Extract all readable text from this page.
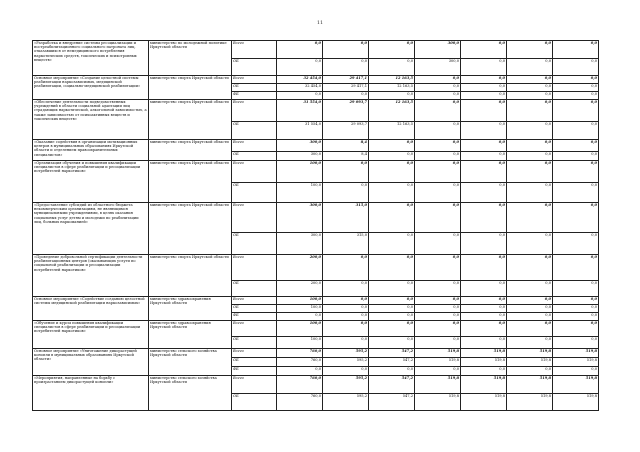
11
«Разработка и внедрение системы ресоциализации и постреабилитационного социального патроната лиц, отказавшихся от немедицинского потребления наркотических средств, токсических и психотропных веществ»	министерство по молодежной политике Иркутской области	Всего	0,0	0,0	0,0	300,0	0,0	0,0	0,0
		ОБ	0,0	0,0	0,0	300,0	0,0	0,0	0,0
Основное мероприятие «Создание целостной системы реабилитации наркозависимых, медицинской реабилитации, социально-медицинской реабилитации»	министерство спорта Иркутской области	Всего	32 454,0	29 417,1	12 163,5	0,0	0,0	0,0	0,0
		ОБ	32 454,0	29 417,1	12 163,5	0,0	0,0	0,0	0,0
		ФБ	0,0	0,0	0,0	0,0	0,0	0,0	0,0
«Обеспечение деятельности подведомственных учреждений в области социальной адаптации лиц страдающих наркотической, алкогольной зависимостью, а также зависимостью от психоактивных веществ и токсических веществ»	министерство спорта Иркутской области	Всего	31 554,0	29 093,7	12 163,5	0,0	0,0	0,0	0,0
		ОБ	31 554,0	29 093,7	12 163,5	0,0	0,0	0,0	0,0
«Оказание содействия в организации мотивационных центров в муниципальных образованиях Иркутской области и отделением правоохранительных специалистов»	министерство спорта Иркутской области	Всего	300,0	8,4	0,0	0,0	0,0	0,0	0,0
		ОБ	300,0	8,4	0,0	0,0	0,0	0,0	0,0
«Организация обучения и повышения квалификации специалистов в сфере реабилитации и ресоциализации потребителей наркотиков»	министерство спорта Иркутской области	Всего	100,0	0,0	0,0	0,0	0,0	0,0	0,0
		ОБ	100,0	0,0	0,0	0,0	0,0	0,0	0,0
«Предоставление субсидий из областного бюджета некоммерческим организациям, не являющимся муниципальными учреждениями, в целях оказания социальных услуг детям и молодежи по реабилитации лиц, больных наркоманией»	министерство спорта Иркутской области	Всего	300,0	315,0	0,0	0,0	0,0	0,0	0,0
		ОБ	300,0	315,0	0,0	0,0	0,0	0,0	0,0
«Проведение добровольной сертификации деятельности реабилитационных центров (оказывающих услуги по социальной реабилитации и ресоциализации потребителей наркотиков»	министерство спорта Иркутской области	Всего	200,0	0,0	0,0	0,0	0,0	0,0	0,0
		ОБ	200,0	0,0	0,0	0,0	0,0	0,0	0,0
Основное мероприятие «Содействие созданию целостной системы медицинской реабилитации наркозависимых»	министерство здравоохранения Иркутской области	Всего	100,0	0,0	0,0	0,0	0,0	0,0	0,0
		ОБ	100,0	0,0	0,0	0,0	0,0	0,0	0,0
		ФБ	0,0	0,0	0,0	0,0	0,0	0,0	0,0
«Обучение и курсы повышения квалификации специалистов в сфере реабилитации и ресоциализации потребителей наркотиков»	министерство здравоохранения Иркутской области	Всего	100,0	0,0	0,0	0,0	0,0	0,0	0,0
		ОБ	100,0	0,0	0,0	0,0	0,0	0,0	0,0
Основное мероприятие «Уничтожение дикорастущей конопли в муниципальных образованиях Иркутской области»	министерство сельского хозяйства Иркутской области	Всего	760,0	595,2	547,2	519,8	519,8	519,8	519,8
		ОБ	760,0	595,2	547,2	519,8	519,8	519,8	519,8
		ФБ	0,0	0,0	0,0	0,0	0,0	0,0	0,0
«Мероприятия, направленные на борьбу с произрастанием дикорастущей конопли»	министерство сельского хозяйства Иркутской области	Всего	760,0	595,2	547,2	519,8	519,8	519,8	519,8
		ОБ	760,0	595,2	547,2	519,8	519,8	519,8	519,8
